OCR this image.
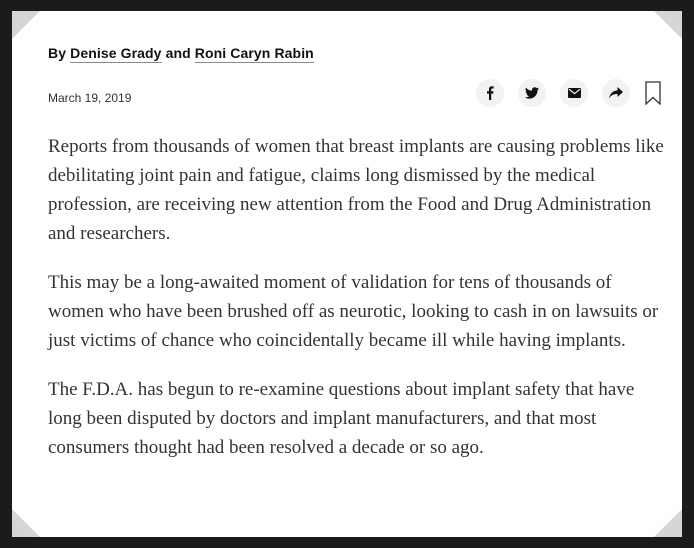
By Denise Grady and Roni Caryn Rabin
March 19, 2019

Reports from thousands of women that breast implants are causing problems like debilitating joint pain and fatigue, claims long dismissed by the medical profession, are receiving new attention from the Food and Drug Administration and researchers.

This may be a long-awaited moment of validation for tens of thousands of women who have been brushed off as neurotic, looking to cash in on lawsuits or just victims of chance who coincidentally became ill while having implants.

The F.D.A. has begun to re-examine questions about implant safety that have long been disputed by doctors and implant manufacturers, and that most consumers thought had been resolved a decade or so ago.
